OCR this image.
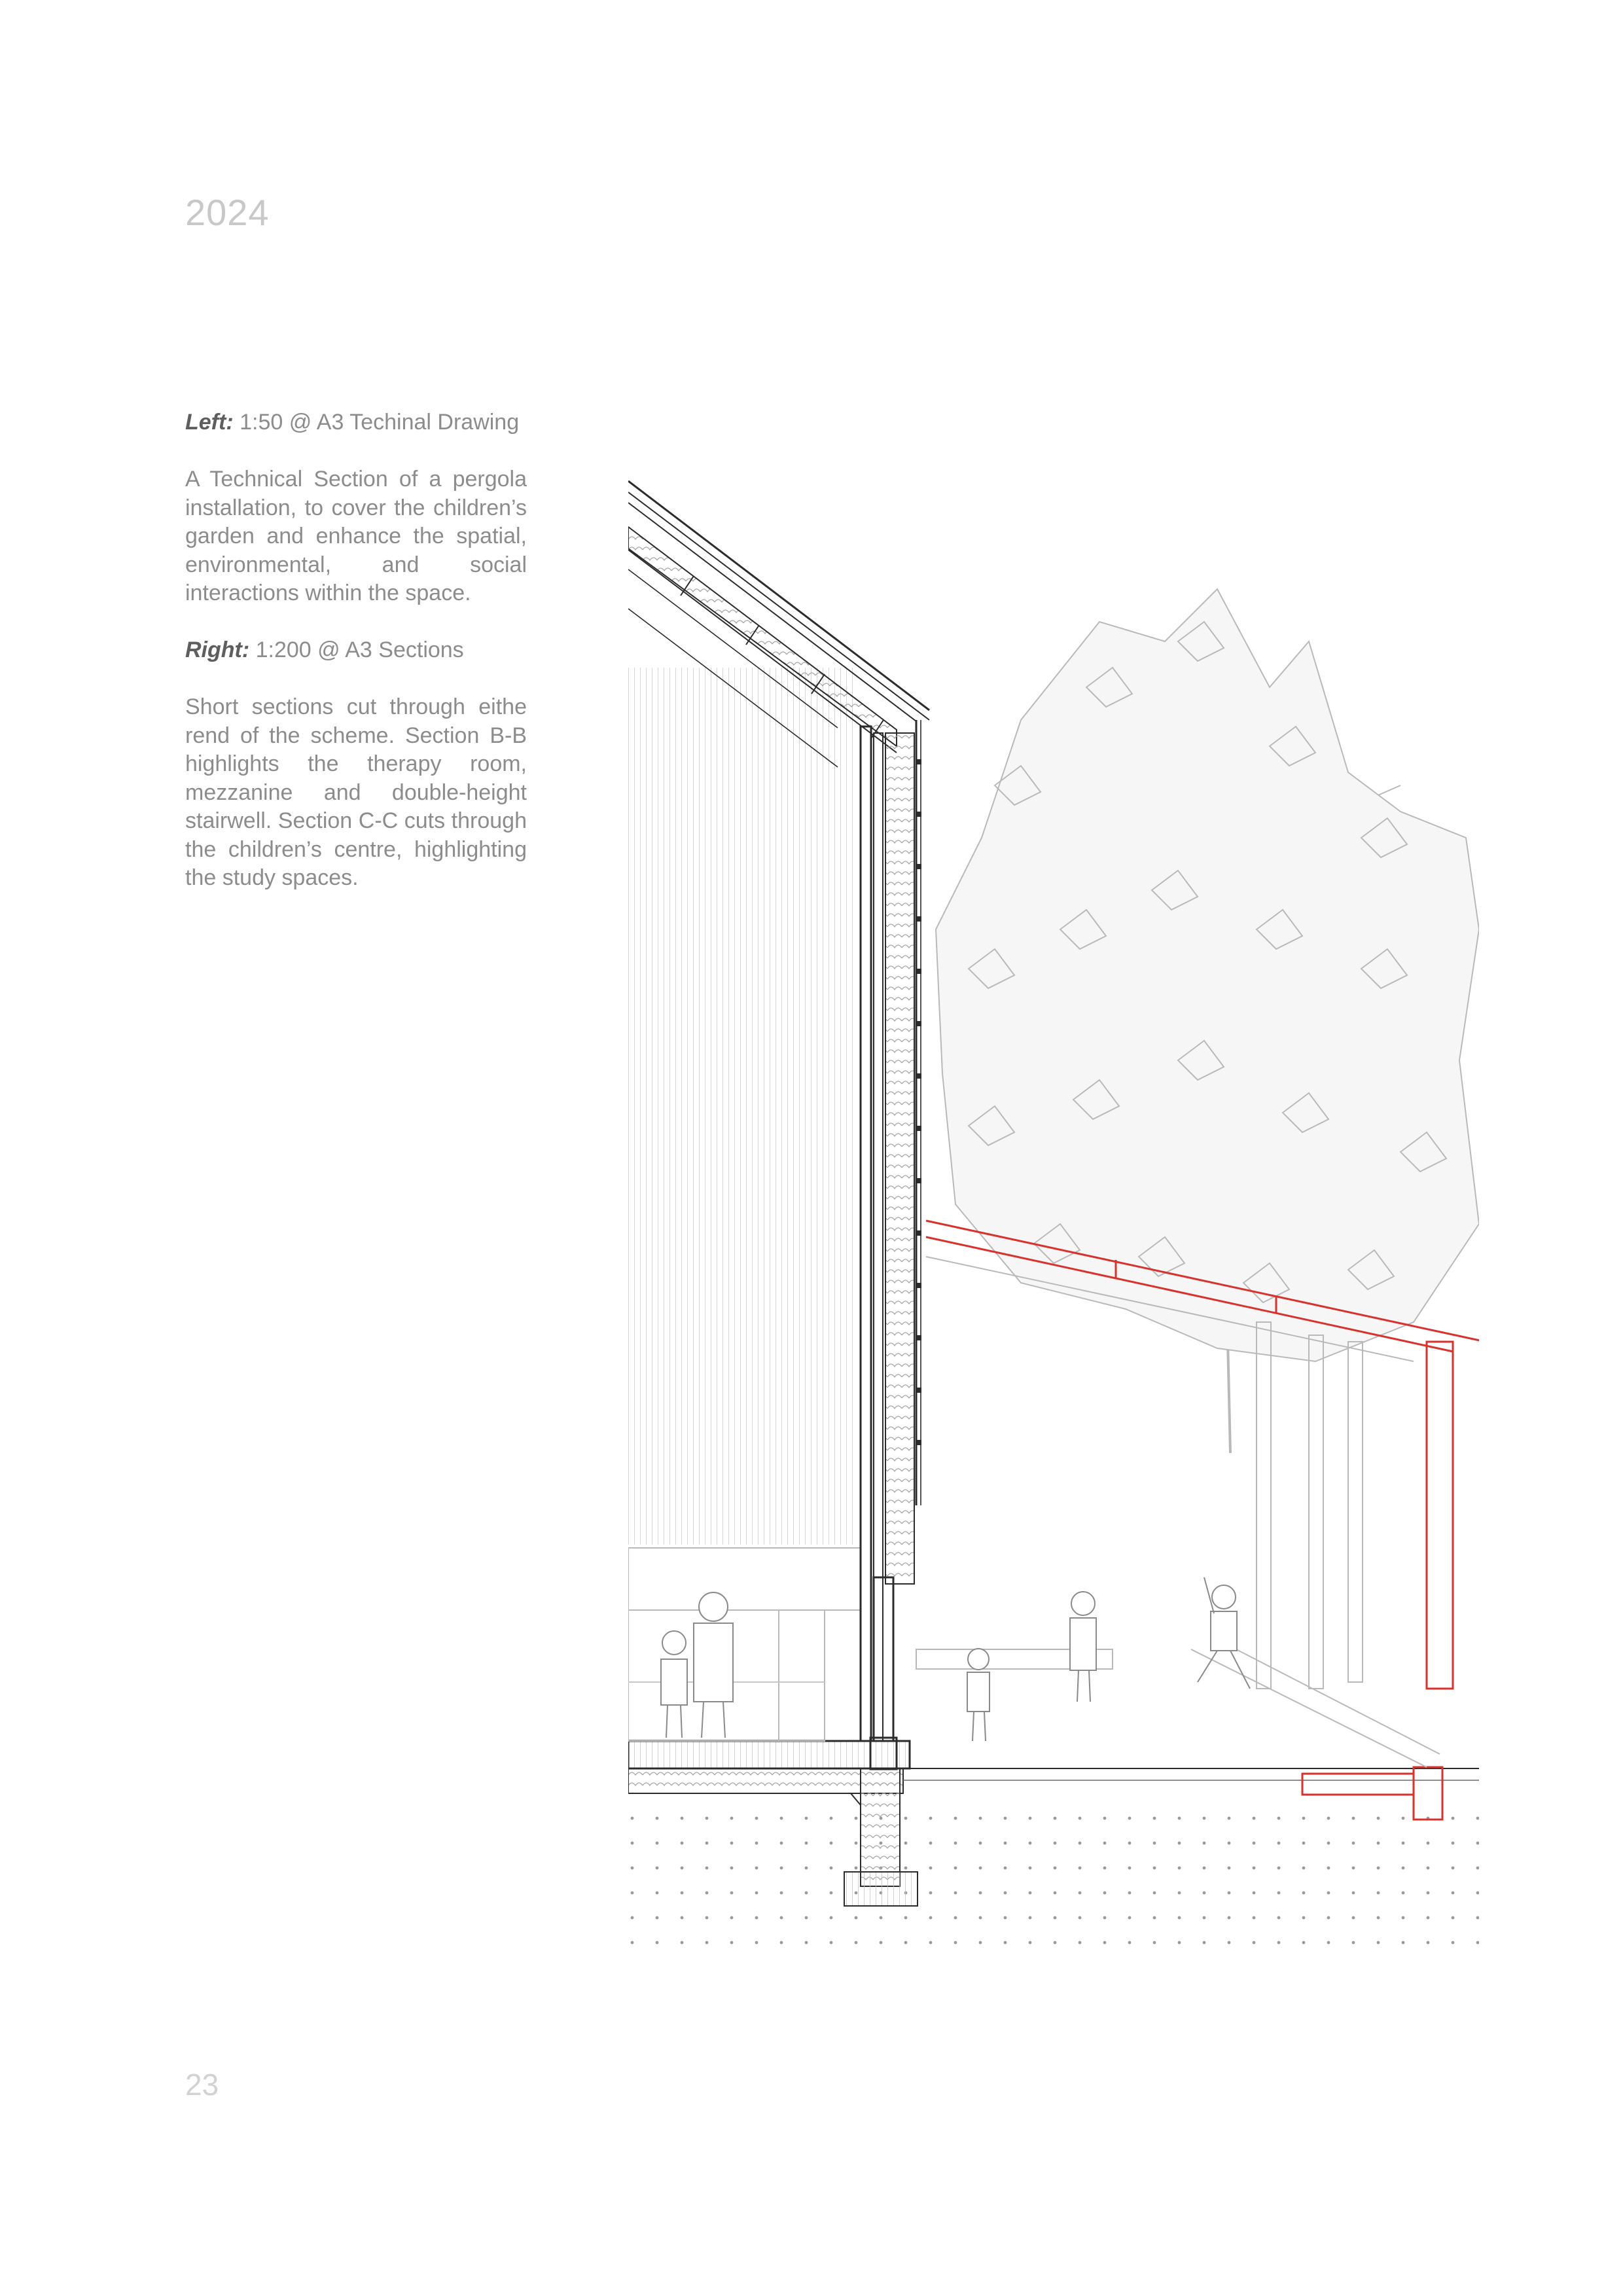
2024

Left: 1:50 @ A3 Techinal Drawing

A Technical Section of a pergola installation, to cover the children’s garden and enhance the spatial, environmental, and social interactions within the space.

Right: 1:200 @ A3 Sections

Short sections cut through eithe rend of the scheme. Section B-B highlights the therapy room, mezzanine and double-height stairwell. Section C-C cuts through the children’s centre, highlighting the study spaces.

23
